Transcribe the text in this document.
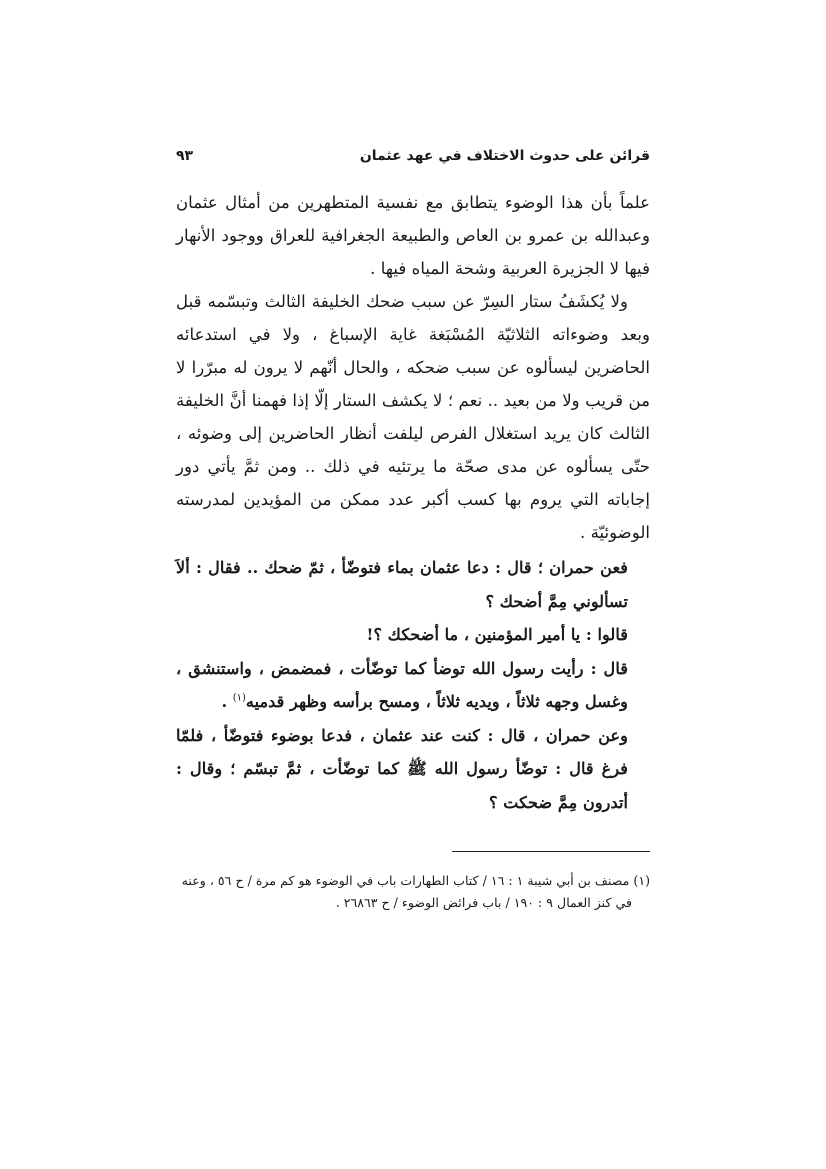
قرائن على حدوث الاختلاف في عهد عثمان
٩٣

علماً بأن هذا الوضوء يتطابق مع نفسية المتطهرين من أمثال عثمان وعبدالله بن عمرو بن العاص والطبيعة الجغرافية للعراق ووجود الأنهار فيها لا الجزيرة العربية وشحة المياه فيها .

ولا يُكشَفُ ستار السِرّ عن سبب ضحك الخليفة الثالث وتبسّمه قبل وبعد وضوءاته الثلاثيّة المُسْبَغة غاية الإسباغ ، ولا في استدعائه الحاضرين ليسألوه عن سبب ضحكه ، والحال أنّهم لا يرون له مبرّرا لا من قريب ولا من بعيد .. نعم ؛ لا يكشف الستار إلّا إذا فهمنا أنَّ الخليفة الثالث كان يريد استغلال الفرص ليلفت أنظار الحاضرين إلى وضوئه ، حتّى يسألوه عن مدى صحّة ما يرتئيه في ذلك .. ومن ثمَّ يأتي دور إجاباته التي يروم بها كسب أكبر عدد ممكن من المؤيدين لمدرسته الوضوئيّة .

فعن حمران ؛ قال : دعا عثمان بماء فتوضّأ ، ثمّ ضحك .. فقال : ألاَ تسألوني مِمَّ أضحك ؟

قالوا : يا أمير المؤمنين ، ما أضحكك ؟!

قال : رأيت رسول الله توضأ كما توضّأت ، فمضمض ، واستنشق ، وغسل وجهه ثلاثاً ، ويديه ثلاثاً ، ومسح برأسه وظهر قدميه$^{(١)}$ .

وعن حمران ، قال : كنت عند عثمان ، فدعا بوضوء فتوضّأ ، فلمّا فرغ قال : توضّأ رسول الله ﷺ كما توضّأت ، ثمَّ تبسّم ؛ وقال : أتدرون مِمَّ ضحكت ؟

(١) مصنف بن أبي شيبة ١ : ١٦ / كتاب الطهارات باب في الوضوء هو كم مرة / ح ٥٦ ، وعنه

في كنز العمال ٩ : ١٩٠ / باب فرائض الوضوء / ح ٢٦٨٦٣ .
